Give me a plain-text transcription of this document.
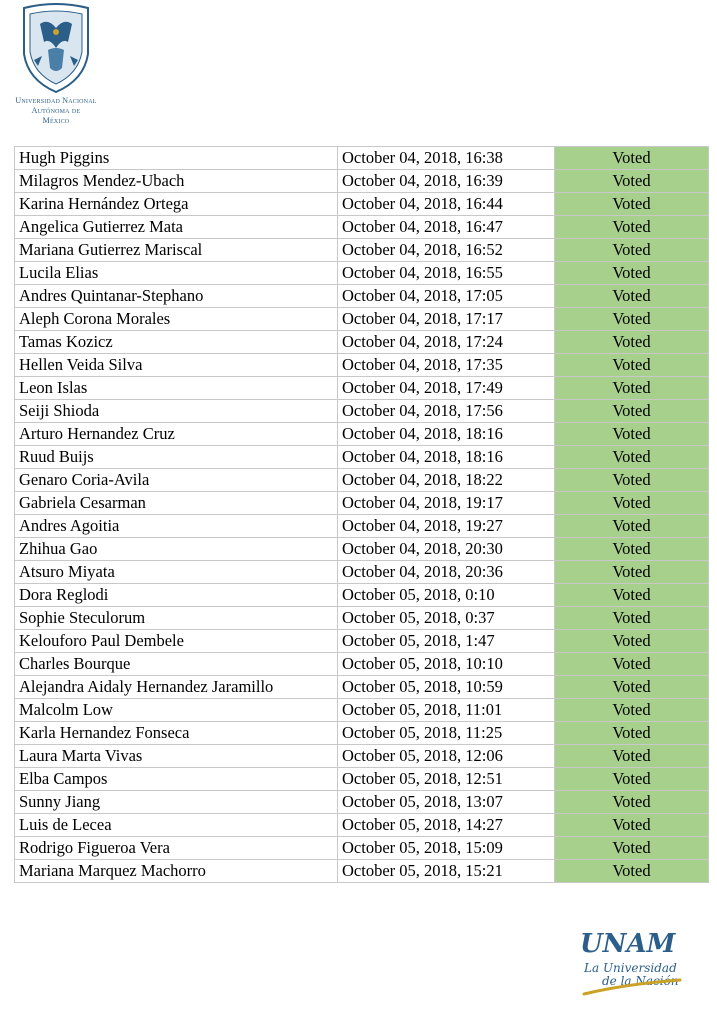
Universidad Nacional
Autónoma de
México
Hugh Piggins	October 04, 2018, 16:38	Voted
Milagros Mendez-Ubach	October 04, 2018, 16:39	Voted
Karina Hernández Ortega	October 04, 2018, 16:44	Voted
Angelica Gutierrez Mata	October 04, 2018, 16:47	Voted
Mariana Gutierrez Mariscal	October 04, 2018, 16:52	Voted
Lucila Elias	October 04, 2018, 16:55	Voted
Andres Quintanar-Stephano	October 04, 2018, 17:05	Voted
Aleph Corona Morales	October 04, 2018, 17:17	Voted
Tamas Kozicz	October 04, 2018, 17:24	Voted
Hellen Veida Silva	October 04, 2018, 17:35	Voted
Leon Islas	October 04, 2018, 17:49	Voted
Seiji Shioda	October 04, 2018, 17:56	Voted
Arturo Hernandez Cruz	October 04, 2018, 18:16	Voted
Ruud Buijs	October 04, 2018, 18:16	Voted
Genaro Coria-Avila	October 04, 2018, 18:22	Voted
Gabriela Cesarman	October 04, 2018, 19:17	Voted
Andres Agoitia	October 04, 2018, 19:27	Voted
Zhihua Gao	October 04, 2018, 20:30	Voted
Atsuro Miyata	October 04, 2018, 20:36	Voted
Dora Reglodi	October 05, 2018, 0:10	Voted
Sophie Steculorum	October 05, 2018, 0:37	Voted
Kelouforo Paul Dembele	October 05, 2018, 1:47	Voted
Charles Bourque	October 05, 2018, 10:10	Voted
Alejandra Aidaly Hernandez Jaramillo	October 05, 2018, 10:59	Voted
Malcolm Low	October 05, 2018, 11:01	Voted
Karla Hernandez Fonseca	October 05, 2018, 11:25	Voted
Laura Marta Vivas	October 05, 2018, 12:06	Voted
Elba Campos	October 05, 2018, 12:51	Voted
Sunny Jiang	October 05, 2018, 13:07	Voted
Luis de Lecea	October 05, 2018, 14:27	Voted
Rodrigo Figueroa Vera	October 05, 2018, 15:09	Voted
Mariana Marquez Machorro	October 05, 2018, 15:21	Voted
UNAM
La Universidad
de la Nación
